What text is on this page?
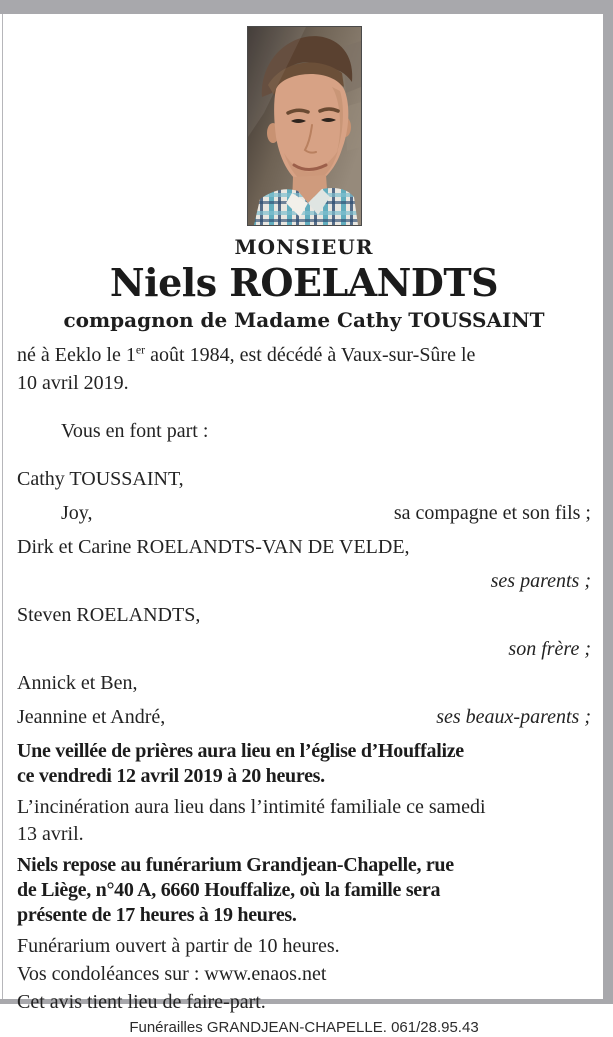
MONSIEUR
Niels ROELANDTS
compagnon de Madame Cathy TOUSSAINT

né à Eeklo le 1er août 1984, est décédé à Vaux-sur-Sûre le
10 avril 2019.

Vous en font part :

Cathy TOUSSAINT,
Joy,	sa compagne et son fils ;
Dirk et Carine ROELANDTS-VAN DE VELDE,
ses parents ;
Steven ROELANDTS,
son frère ;
Annick et Ben,
Jeannine et André,	ses beaux-parents ;

Une veillée de prières aura lieu en l’église d’Houffalize
ce vendredi 12 avril 2019 à 20 heures.

L’incinération aura lieu dans l’intimité familiale ce samedi
13 avril.

Niels repose au funérarium Grandjean-Chapelle, rue
de Liège, n°40 A, 6660 Houffalize, où la famille sera
présente de 17 heures à 19 heures.

Funérarium ouvert à partir de 10 heures.

Vos condoléances sur : www.enaos.net

Cet avis tient lieu de faire-part.

Funérailles GRANDJEAN-CHAPELLE. 061/28.95.43
